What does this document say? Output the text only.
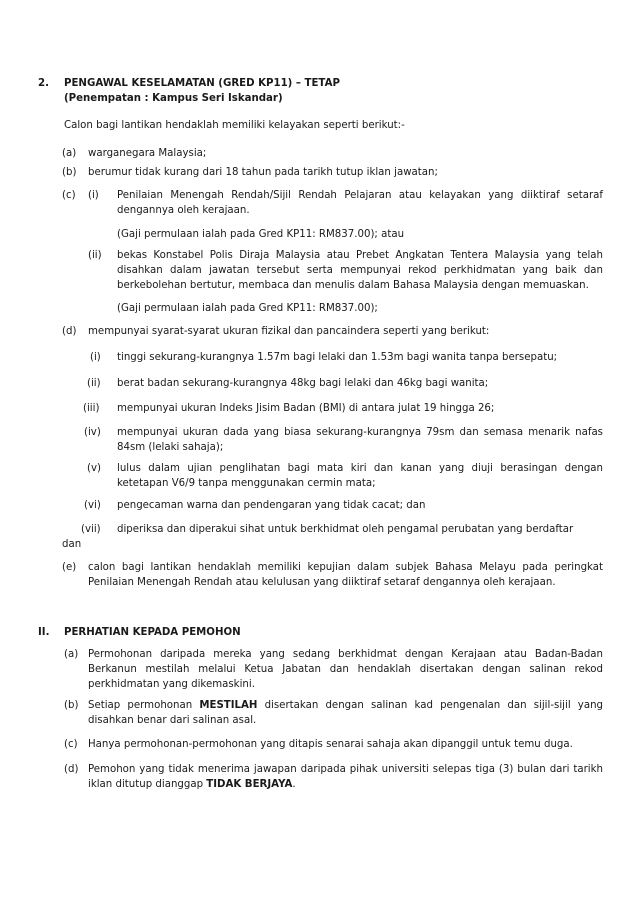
2. PENGAWAL KESELAMATAN (GRED KP11) – TETAP
(Penempatan : Kampus Seri Iskandar)
Calon bagi lantikan hendaklah memiliki kelayakan seperti berikut:-
(a) warganegara Malaysia;
(b) berumur tidak kurang dari 18 tahun pada tarikh tutup iklan jawatan;
(c) (i) Penilaian Menengah Rendah/Sijil Rendah Pelajaran atau kelayakan yang diiktiraf setaraf dengannya oleh kerajaan.
(Gaji permulaan ialah pada Gred KP11: RM837.00); atau
(ii) bekas Konstabel Polis Diraja Malaysia atau Prebet Angkatan Tentera Malaysia yang telah disahkan dalam jawatan tersebut serta mempunyai rekod perkhidmatan yang baik dan berkebolehan bertutur, membaca dan menulis dalam Bahasa Malaysia dengan memuaskan.
(Gaji permulaan ialah pada Gred KP11: RM837.00);
(d) mempunyai syarat-syarat ukuran fizikal dan pancaindera seperti yang berikut:
(i) tinggi sekurang-kurangnya 1.57m bagi lelaki dan 1.53m bagi wanita tanpa bersepatu;
(ii) berat badan sekurang-kurangnya 48kg bagi lelaki dan 46kg bagi wanita;
(iii) mempunyai ukuran Indeks Jisim Badan (BMI) di antara julat 19 hingga 26;
(iv) mempunyai ukuran dada yang biasa sekurang-kurangnya 79sm dan semasa menarik nafas 84sm (lelaki sahaja);
(v) lulus dalam ujian penglihatan bagi mata kiri dan kanan yang diuji berasingan dengan ketetapan V6/9 tanpa menggunakan cermin mata;
(vi) pengecaman warna dan pendengaran yang tidak cacat; dan
(vii) diperiksa dan diperakui sihat untuk berkhidmat oleh pengamal perubatan yang berdaftar
dan
(e) calon bagi lantikan hendaklah memiliki kepujian dalam subjek Bahasa Melayu pada peringkat Penilaian Menengah Rendah atau kelulusan yang diiktiraf setaraf dengannya oleh kerajaan.
II. PERHATIAN KEPADA PEMOHON
(a) Permohonan daripada mereka yang sedang berkhidmat dengan Kerajaan atau Badan-Badan Berkanun mestilah melalui Ketua Jabatan dan hendaklah disertakan dengan salinan rekod perkhidmatan yang dikemaskini.
(b) Setiap permohonan MESTILAH disertakan dengan salinan kad pengenalan dan sijil-sijil yang disahkan benar dari salinan asal.
(c) Hanya permohonan-permohonan yang ditapis senarai sahaja akan dipanggil untuk temu duga.
(d) Pemohon yang tidak menerima jawapan daripada pihak universiti selepas tiga (3) bulan dari tarikh iklan ditutup dianggap TIDAK BERJAYA.
